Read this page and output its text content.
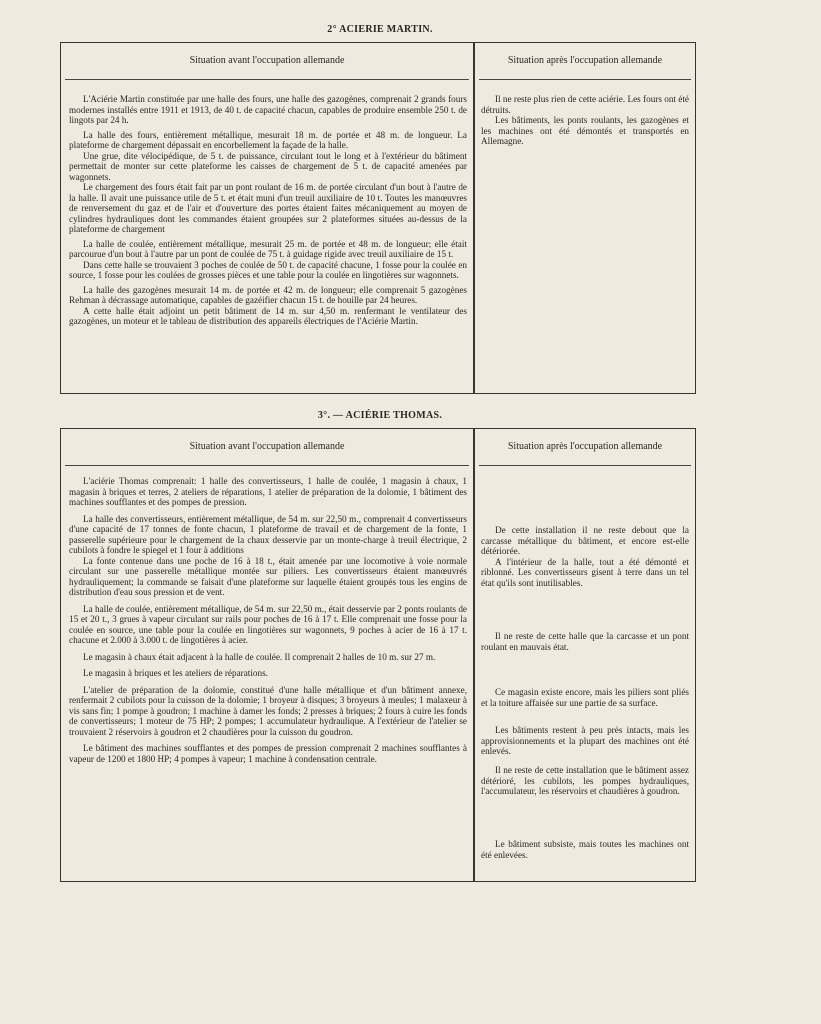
2° ACIERIE MARTIN.
Situation avant l'occupation allemande

L'Aciérie Martin constituée par une halle des fours, une halle des gazogènes, comprenait 2 grands fours modernes installés entre 1911 et 1913, de 40 t. de capacité chacun, capables de produire ensemble 250 t. de lingots par 24 h.

La halle des fours, entièrement métallique, mesurait 18 m. de portée et 48 m. de longueur. La plateforme de chargement dépassait en encorbellement la façade de la halle.

Une grue, dite vélocipédique, de 5 t. de puissance, circulant tout le long et à l'extérieur du bâtiment permettait de monter sur cette plateforme les caisses de chargement de 5 t. de capacité amenées par wagonnets.

Le chargement des fours était fait par un pont roulant de 16 m. de portée circulant d'un bout à l'autre de la halle. Il avait une puissance utile de 5 t. et était muni d'un treuil auxiliaire de 10 t. Toutes les manœuvres de renversement du gaz et de l'air et d'ouverture des portes étaient faites mécaniquement au moyen de cylindres hydrauliques dont les commandes étaient groupées sur 2 plateformes situées au-dessus de la plateforme de chargement

La halle de coulée, entièrement métallique, mesurait 25 m. de portée et 48 m. de longueur; elle était parcourue d'un bout à l'autre par un pont de coulée de 75 t. à guidage rigide avec treuil auxiliaire de 15 t.

Dans cette halle se trouvaient 3 poches de coulée de 50 t. de capacité chacune, 1 fosse pour la coulée en source, 1 fosse pour les coulées de grosses pièces et une table pour la coulée en lingotières sur wagonnets.

La halle des gazogènes mesurait 14 m. de portée et 42 m. de longueur; elle comprenait 5 gazogènes Rehman à décrassage automatique, capables de gazéifier chacun 15 t. de houille par 24 heures.

A cette halle était adjoint un petit bâtiment de 14 m. sur 4,50 m. renfermant le ventilateur des gazogènes, un moteur et le tableau de distribution des appareils électriques de l'Aciérie Martin.

Situation après l'occupation allemande

Il ne reste plus rien de cette aciérie. Les fours ont été détruits.

Les bâtiments, les ponts roulants, les gazogènes et les machines ont été démontés et transportés en Allemagne.

3°. — ACIÉRIE THOMAS.
Situation avant l'occupation allemande

L'aciérie Thomas comprenait: 1 halle des convertisseurs, 1 halle de coulée, 1 magasin à chaux, 1 magasin à briques et terres, 2 ateliers de réparations, 1 atelier de préparation de la dolomie, 1 bâtiment des machines soufflantes et des pompes de pression.

La halle des convertisseurs, entièrement métallique, de 54 m. sur 22,50 m., comprenait 4 convertisseurs d'une capacité de 17 tonnes de fonte chacun, 1 plateforme de travail et de chargement de la fonte, 1 passerelle supérieure pour le chargement de la chaux desservie par un monte-charge à treuil électrique, 2 cubilots à fondre le spiegel et 1 four à additions

La fonte contenue dans une poche de 16 à 18 t., était amenée par une locomotive à voie normale circulant sur une passerelle métallique montée sur piliers. Les convertisseurs étaient manœuvrés hydrauliquement; la commande se faisait d'une plateforme sur laquelle étaient groupés tous les engins de distribution d'eau sous pression et de vent.

La halle de coulée, entièrement métallique, de 54 m. sur 22,50 m., était desservie par 2 ponts roulants de 15 et 20 t., 3 grues à vapeur circulant sur rails pour poches de 16 à 17 t. Elle comprenait une fosse pour la coulée en source, une table pour la coulée en lingotières sur wagonnets, 9 poches à acier de 16 à 17 t. chacune et 2.000 à 3.000 t. de lingotières à acier.

Le magasin à chaux était adjacent à la halle de coulée. Il comprenait 2 halles de 10 m. sur 27 m.

Le magasin à briques et les ateliers de réparations.

L'atelier de préparation de la dolomie, constitué d'une halle métallique et d'un bâtiment annexe, renfermait 2 cubilots pour la cuisson de la dolomie; 1 broyeur à disques; 3 broyeurs à meules; 1 malaxeur à vis sans fin; 1 pompe à goudron; 1 machine à damer les fonds; 2 presses à briques; 2 fours à cuire les fonds de convertisseurs; 1 moteur de 75 HP; 2 pompes; 1 accumulateur hydraulique. A l'extérieur de l'atelier se trouvaient 2 réservoirs à goudron et 2 chaudières pour la cuisson du goudron.

Le bâtiment des machines soufflantes et des pompes de pression comprenait 2 machines soufflantes à vapeur de 1200 et 1800 HP; 4 pompes à vapeur; 1 machine à condensation centrale.

Situation après l'occupation allemande

De cette installation il ne reste debout que la carcasse métallique du bâtiment, et encore est-elle détériorée.

A l'intérieur de la halle, tout a été démonté et riblonné. Les convertisseurs gisent à terre dans un tel état qu'ils sont inutilisables.

Il ne reste de cette halle que la carcasse et un pont roulant en mauvais état.

Ce magasin existe encore, mais les piliers sont pliés et la toiture affaisée sur une partie de sa surface.

Les bâtiments restent à peu près intacts, mais les approvisionnements et la plupart des machines ont été enlevés.

Il ne reste de cette installation que le bâtiment assez détérioré, les cubilots, les pompes hydrauliques, l'accumulateur, les réservoirs et chaudières à goudron.

Le bâtiment subsiste, mais toutes les machines ont été enlevées.
